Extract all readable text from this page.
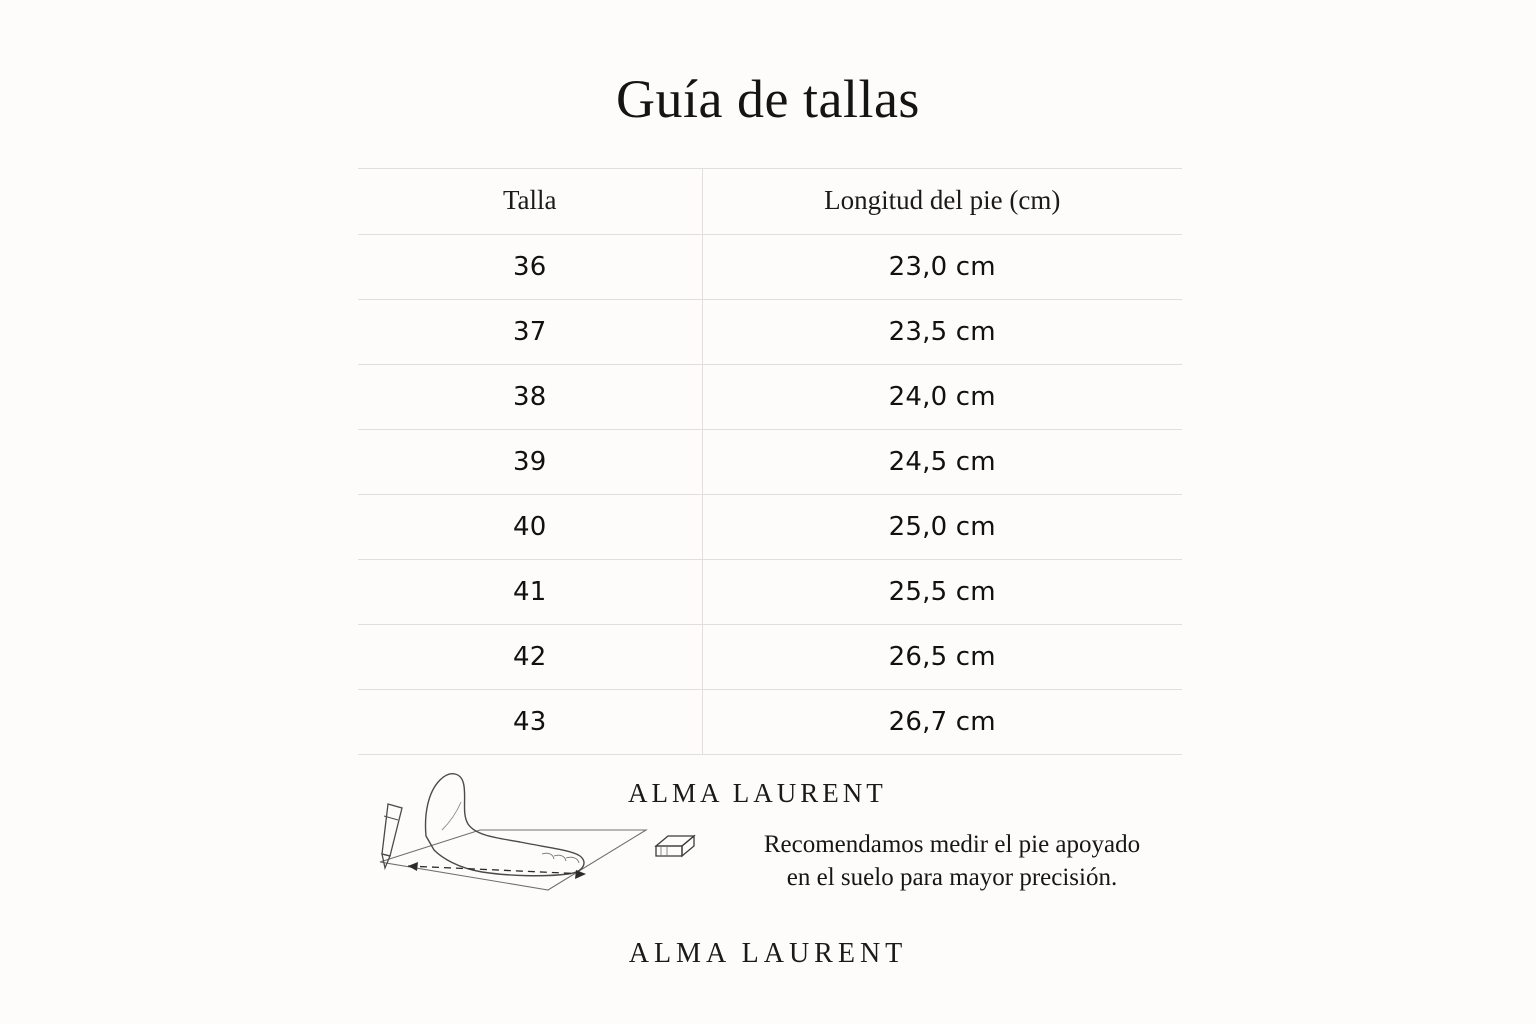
Guía de tallas
Talla	Longitud del pie (cm)
36	23,0 cm
37	23,5 cm
38	24,0 cm
39	24,5 cm
40	25,0 cm
41	25,5 cm
42	26,5 cm
43	26,7 cm
ALMA LAURENT
Recomendamos medir el pie apoyado
en el suelo para mayor precisión.
ALMA LAURENT
